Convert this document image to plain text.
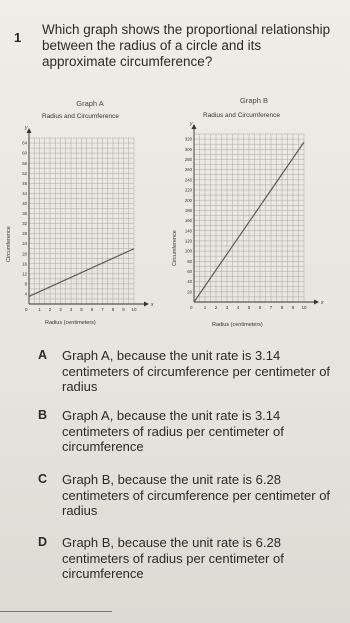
1
Which graph shows the proportional relationship between the radius of a circle and its approximate circumference?
Graph A
Radius and Circumference
Circumference
Radius (centimeters)
y
x
0 1 2 3 4 5 6 7 8 9 10
4
8
12
16
20
24
28
32
36
40
44
48
52
56
60
64
Graph B
Radius and Circumference
Circumference
Radius (centimeters)
y
x
0 1 2 3 4 5 6 7 8 9 10
20
40
60
80
100
120
140
160
180
200
220
240
260
280
300
320
A Graph A, because the unit rate is 3.14 centimeters of circumference per centimeter of radius
B Graph A, because the unit rate is 3.14 centimeters of radius per centimeter of circumference
C Graph B, because the unit rate is 6.28 centimeters of circumference per centimeter of radius
D Graph B, because the unit rate is 6.28 centimeters of radius per centimeter of circumference
